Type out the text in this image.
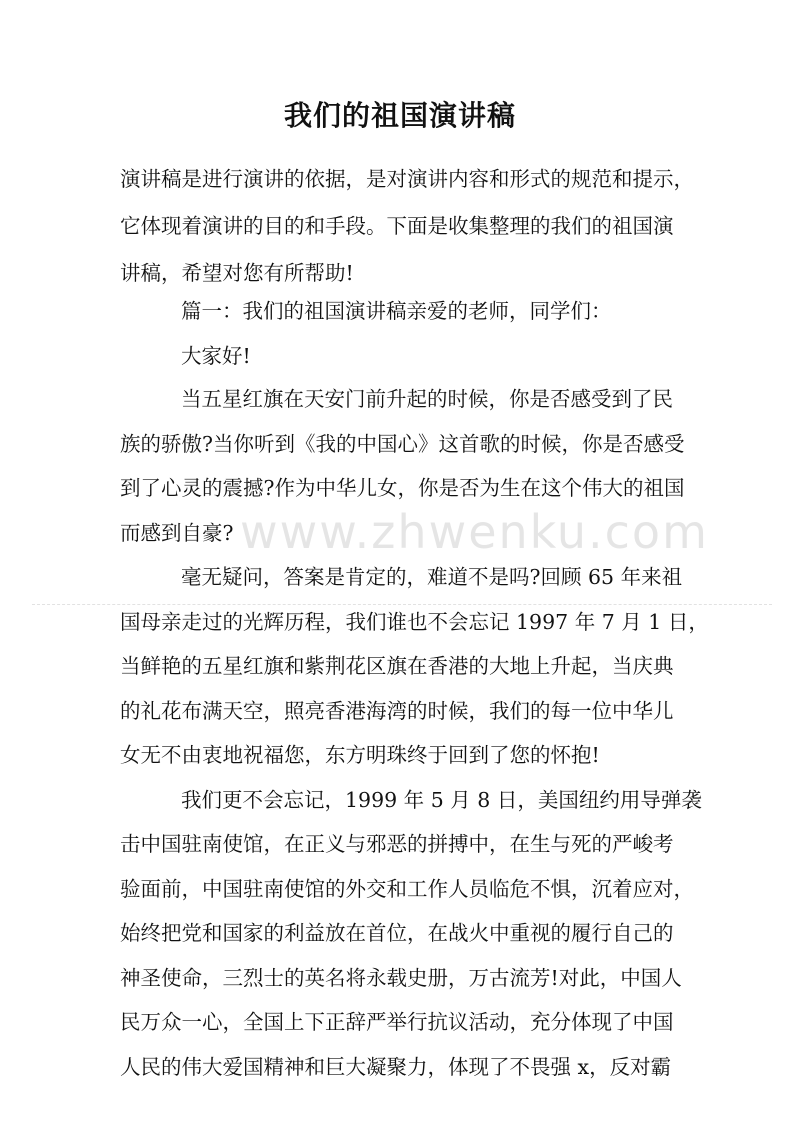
我们的祖国演讲稿
www.zhwenku.com
演讲稿是进行演讲的依据，是对演讲内容和形式的规范和提示，
它体现着演讲的目的和手段。下面是收集整理的我们的祖国演
讲稿，希望对您有所帮助!
篇一：我们的祖国演讲稿亲爱的老师，同学们：
大家好!
当五星红旗在天安门前升起的时候，你是否感受到了民
族的骄傲?当你听到《我的中国心》这首歌的时候，你是否感受
到了心灵的震撼?作为中华儿女，你是否为生在这个伟大的祖国
而感到自豪?
毫无疑问，答案是肯定的，难道不是吗?回顾 65 年来祖
国母亲走过的光辉历程，我们谁也不会忘记 1997 年 7 月 1 日，
当鲜艳的五星红旗和紫荆花区旗在香港的大地上升起，当庆典
的礼花布满天空，照亮香港海湾的时候，我们的每一位中华儿
女无不由衷地祝福您，东方明珠终于回到了您的怀抱!
我们更不会忘记，1999 年 5 月 8 日，美国纽约用导弹袭
击中国驻南使馆，在正义与邪恶的拼搏中，在生与死的严峻考
验面前，中国驻南使馆的外交和工作人员临危不惧，沉着应对，
始终把党和国家的利益放在首位，在战火中重视的履行自己的
神圣使命，三烈士的英名将永载史册，万古流芳!对此，中国人
民万众一心，全国上下正辞严举行抗议活动，充分体现了中国
人民的伟大爱国精神和巨大凝聚力，体现了不畏强 x，反对霸
